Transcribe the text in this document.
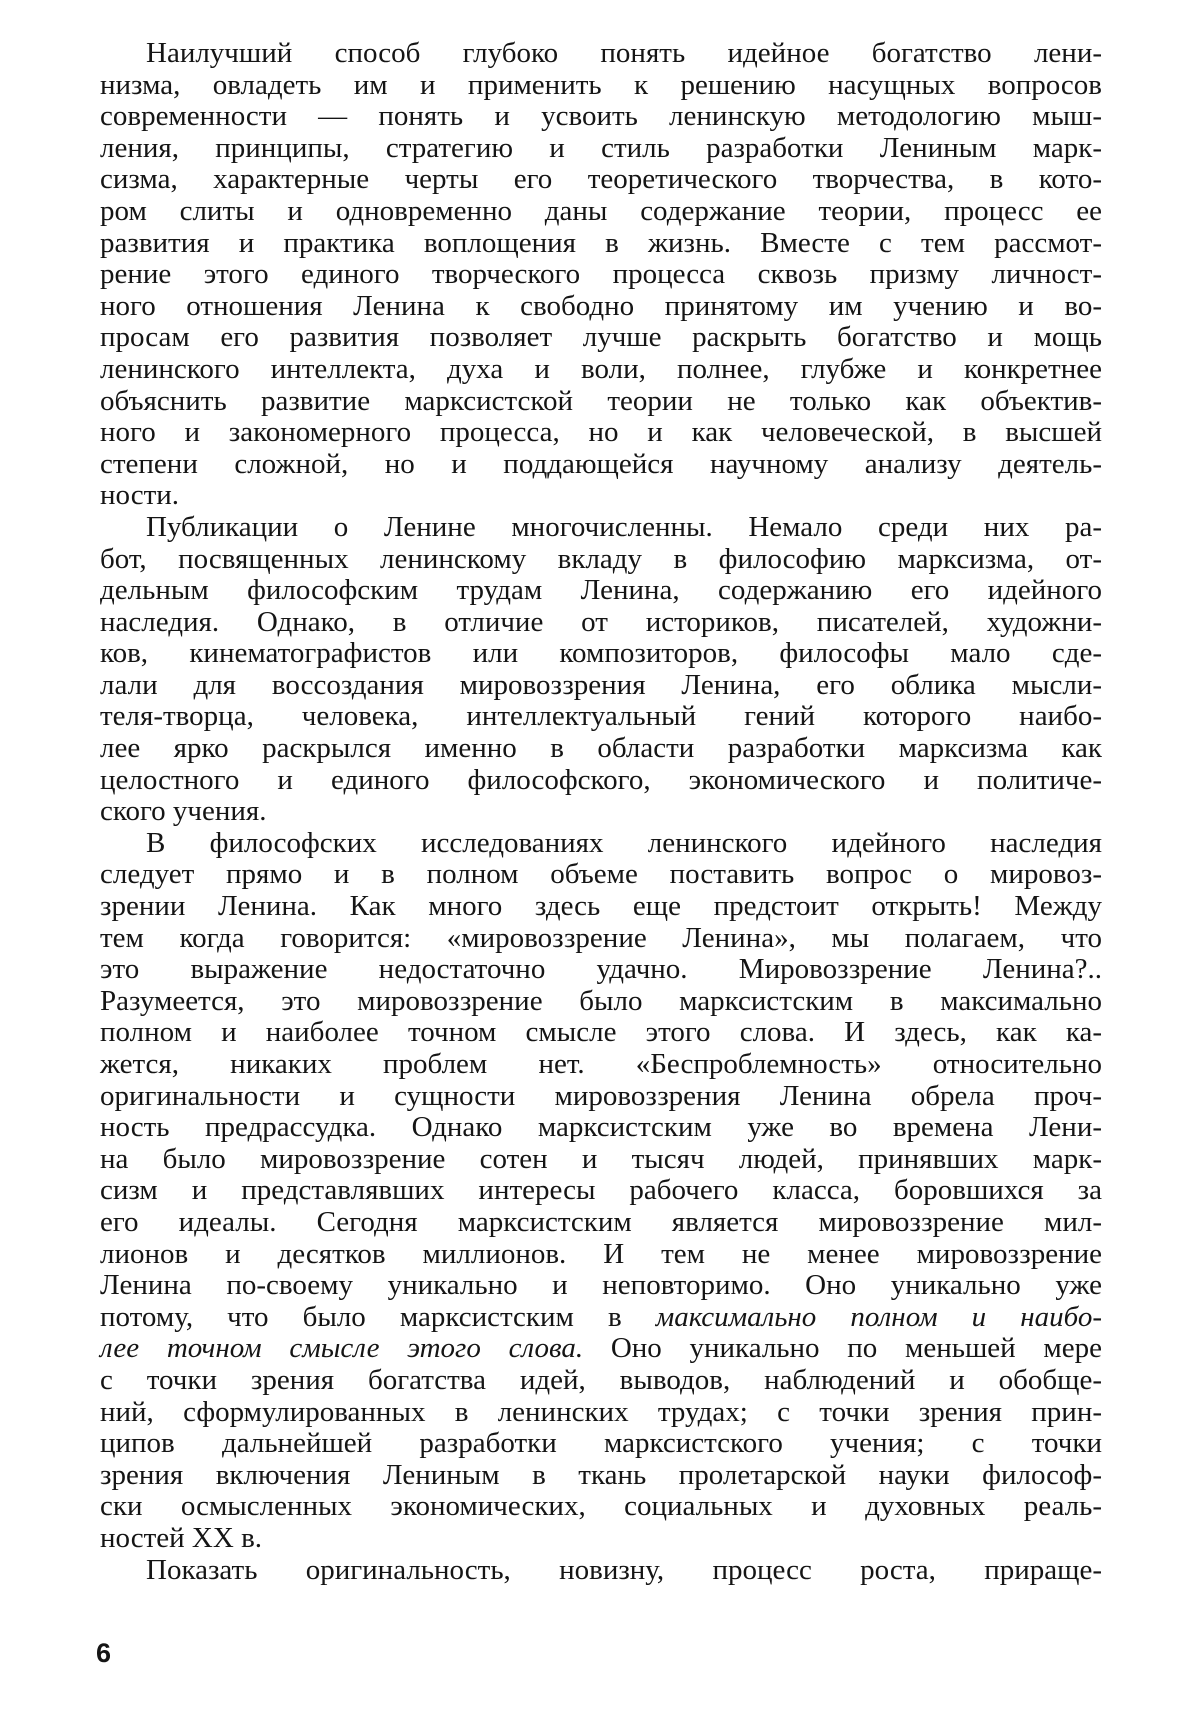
Наилучший способ глубоко понять идейное богатство лени-
низма, овладеть им и применить к решению насущных вопросов
современности — понять и усвоить ленинскую методологию мыш-
ления, принципы, стратегию и стиль разработки Лениным марк-
сизма, характерные черты его теоретического творчества, в кото-
ром слиты и одновременно даны содержание теории, процесс ее
развития и практика воплощения в жизнь. Вместе с тем рассмот-
рение этого единого творческого процесса сквозь призму личност-
ного отношения Ленина к свободно принятому им учению и во-
просам его развития позволяет лучше раскрыть богатство и мощь
ленинского интеллекта, духа и воли, полнее, глубже и конкретнее
объяснить развитие марксистской теории не только как объектив-
ного и закономерного процесса, но и как человеческой, в высшей
степени сложной, но и поддающейся научному анализу деятель-
ности.

Публикации о Ленине многочисленны. Немало среди них ра-
бот, посвященных ленинскому вкладу в философию марксизма, от-
дельным философским трудам Ленина, содержанию его идейного
наследия. Однако, в отличие от историков, писателей, художни-
ков, кинематографистов или композиторов, философы мало сде-
лали для воссоздания мировоззрения Ленина, его облика мысли-
теля-творца, человека, интеллектуальный гений которого наибо-
лее ярко раскрылся именно в области разработки марксизма как
целостного и единого философского, экономического и политиче-
ского учения.

В философских исследованиях ленинского идейного наследия
следует прямо и в полном объеме поставить вопрос о мировоз-
зрении Ленина. Как много здесь еще предстоит открыть! Между
тем когда говорится: «мировоззрение Ленина», мы полагаем, что
это выражение недостаточно удачно. Мировоззрение Ленина?..
Разумеется, это мировоззрение было марксистским в максимально
полном и наиболее точном смысле этого слова. И здесь, как ка-
жется, никаких проблем нет. «Беспроблемность» относительно
оригинальности и сущности мировоззрения Ленина обрела проч-
ность предрассудка. Однако марксистским уже во времена Лени-
на было мировоззрение сотен и тысяч людей, принявших марк-
сизм и представлявших интересы рабочего класса, боровшихся за
его идеалы. Сегодня марксистским является мировоззрение мил-
лионов и десятков миллионов. И тем не менее мировоззрение
Ленина по-своему уникально и неповторимо. Оно уникально уже
потому, что было марксистским в максимально полном и наибо-
лее точном смысле этого слова. Оно уникально по меньшей мере
с точки зрения богатства идей, выводов, наблюдений и обобще-
ний, сформулированных в ленинских трудах; с точки зрения прин-
ципов дальнейшей разработки марксистского учения; с точки
зрения включения Лениным в ткань пролетарской науки философ-
ски осмысленных экономических, социальных и духовных реаль-
ностей XX в.

Показать оригинальность, новизну, процесс роста, прираще-

6
